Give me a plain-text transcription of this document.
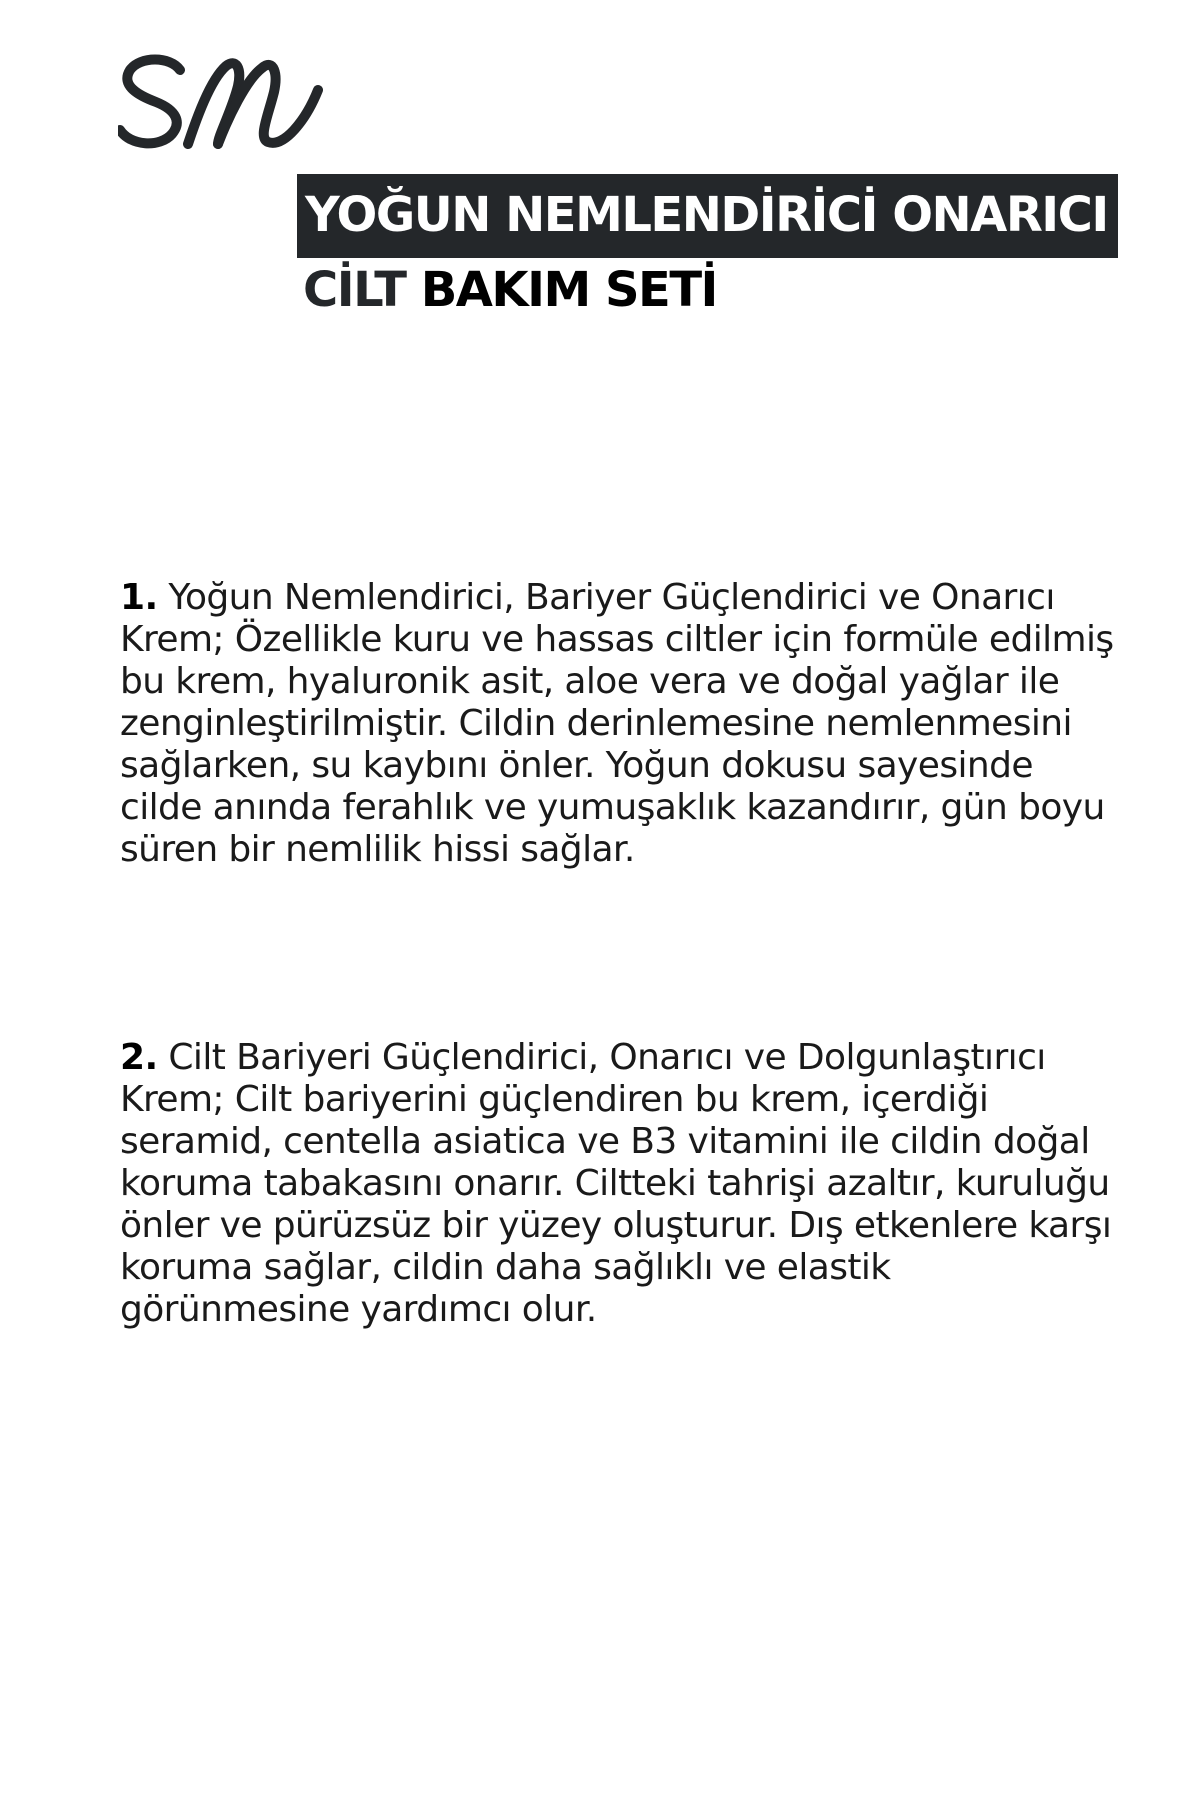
YOĞUN NEMLENDİRİCİ ONARICI
CİLT BAKIM SETİ

1. Yoğun Nemlendirici, Bariyer Güçlendirici ve Onarıcı Krem; Özellikle kuru ve hassas ciltler için formüle edilmiş bu krem, hyaluronik asit, aloe vera ve doğal yağlar ile zenginleştirilmiştir. Cildin derinlemesine nemlenmesini sağlarken, su kaybını önler. Yoğun dokusu sayesinde cilde anında ferahlık ve yumuşaklık kazandırır, gün boyu süren bir nemlilik hissi sağlar.

2. Cilt Bariyeri Güçlendirici, Onarıcı ve Dolgunlaştırıcı Krem; Cilt bariyerini güçlendiren bu krem, içerdiği seramid, centella asiatica ve B3 vitamini ile cildin doğal koruma tabakasını onarır. Ciltteki tahrişi azaltır, kuruluğu önler ve pürüzsüz bir yüzey oluşturur. Dış etkenlere karşı koruma sağlar, cildin daha sağlıklı ve elastik görünmesine yardımcı olur.
